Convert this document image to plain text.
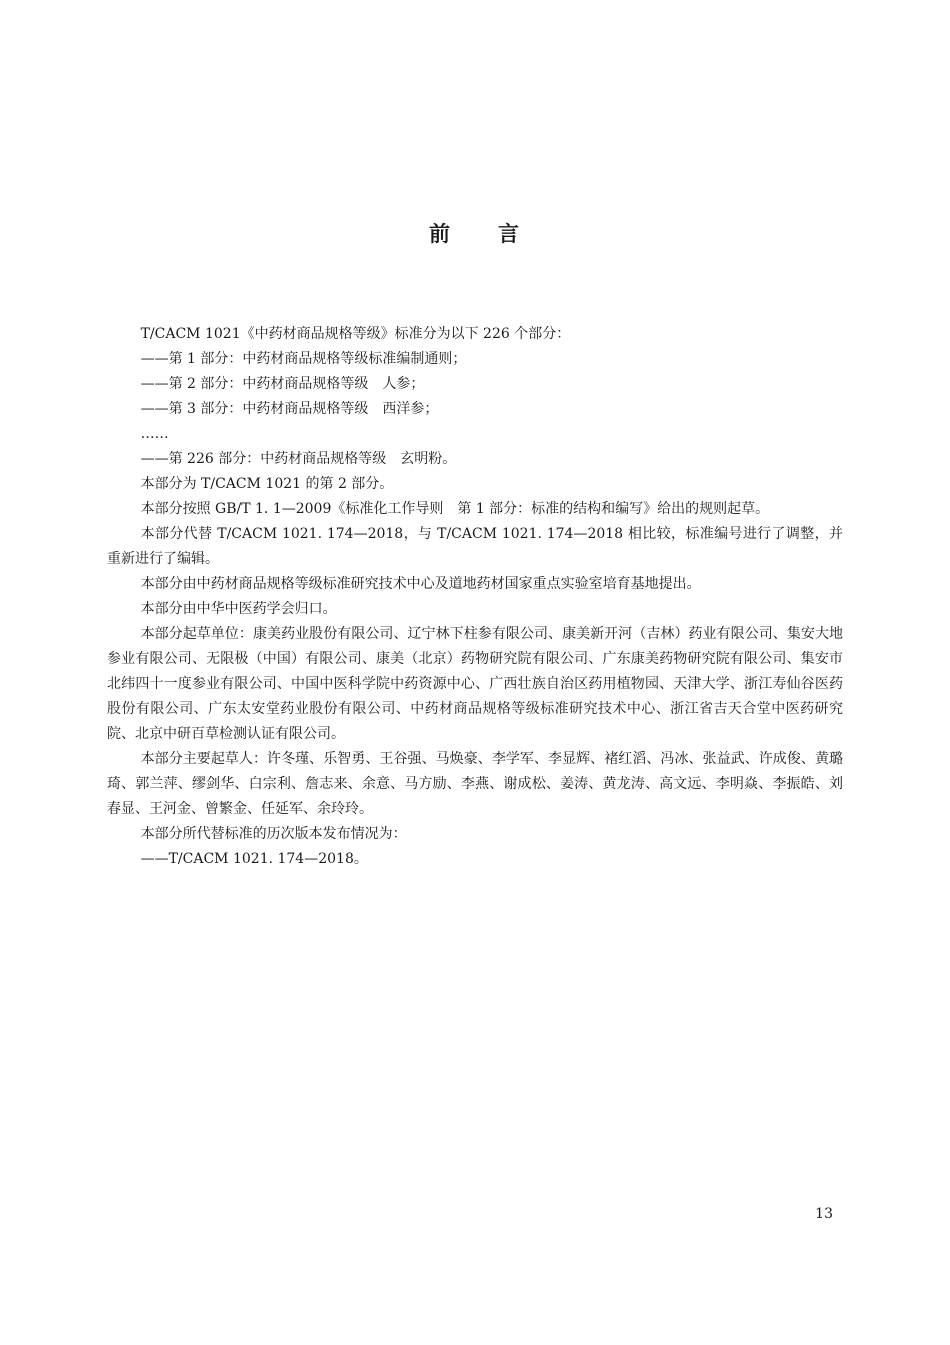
前 言

T/CACM 1021《中药材商品规格等级》标准分为以下 226 个部分：

——第 1 部分：中药材商品规格等级标准编制通则；

——第 2 部分：中药材商品规格等级　人参；

——第 3 部分：中药材商品规格等级　西洋参；

……

——第 226 部分：中药材商品规格等级　玄明粉。

本部分为 T/CACM 1021 的第 2 部分。

本部分按照 GB/T 1. 1—2009《标准化工作导则　第 1 部分：标准的结构和编写》给出的规则起草。

本部分代替 T/CACM 1021. 174—2018，与 T/CACM 1021. 174—2018 相比较，标准编号进行了调整，并重新进行了编辑。

本部分由中药材商品规格等级标准研究技术中心及道地药材国家重点实验室培育基地提出。

本部分由中华中医药学会归口。

本部分起草单位：康美药业股份有限公司、辽宁林下柱参有限公司、康美新开河（吉林）药业有限公司、集安大地参业有限公司、无限极（中国）有限公司、康美（北京）药物研究院有限公司、广东康美药物研究院有限公司、集安市北纬四十一度参业有限公司、中国中医科学院中药资源中心、广西壮族自治区药用植物园、天津大学、浙江寿仙谷医药股份有限公司、广东太安堂药业股份有限公司、中药材商品规格等级标准研究技术中心、浙江省吉天合堂中医药研究院、北京中研百草检测认证有限公司。

本部分主要起草人：许冬瑾、乐智勇、王谷强、马焕豪、李学军、李显辉、褚红滔、冯冰、张益武、许成俊、黄璐琦、郭兰萍、缪剑华、白宗利、詹志来、余意、马方励、李燕、谢成松、姜涛、黄龙涛、高文远、李明焱、李振皓、刘春显、王河金、曾繁金、任延军、余玲玲。

本部分所代替标准的历次版本发布情况为：

——T/CACM 1021. 174—2018。

13
